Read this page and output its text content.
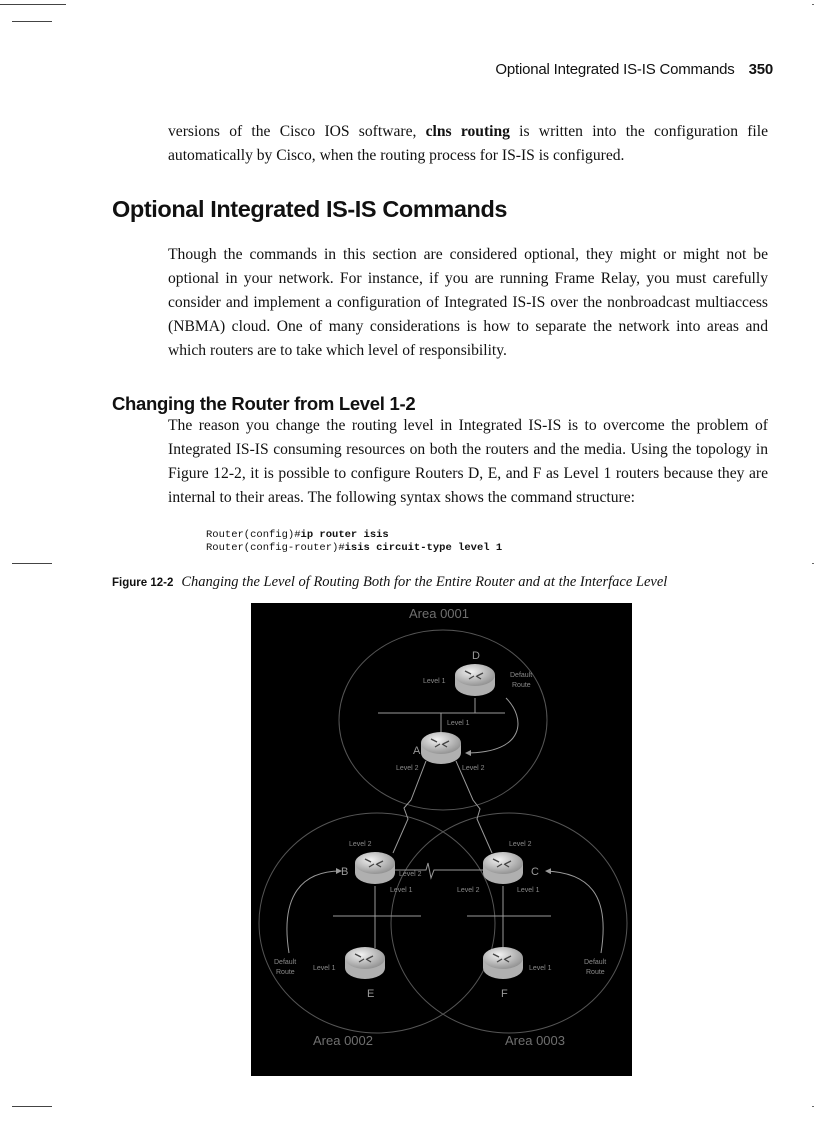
Optional Integrated IS-IS Commands 350

versions of the Cisco IOS software, clns routing is written into the configuration file automatically by Cisco, when the routing process for IS-IS is configured.

Optional Integrated IS-IS Commands

Though the commands in this section are considered optional, they might or might not be optional in your network. For instance, if you are running Frame Relay, you must carefully consider and implement a configuration of Integrated IS-IS over the nonbroadcast multiaccess (NBMA) cloud. One of many considerations is how to separate the network into areas and which routers are to take which level of responsibility.

Changing the Router from Level 1-2

The reason you change the routing level in Integrated IS-IS is to overcome the problem of Integrated IS-IS consuming resources on both the routers and the media. Using the topology in Figure 12-2, it is possible to configure Routers D, E, and F as Level 1 routers because they are internal to their areas. The following syntax shows the command structure:

Router(config)#ip router isis
Router(config-router)#isis circuit-type level 1
Figure 12-2 Changing the Level of Routing Both for the Entire Router and at the Interface Level
Area 0001
Area 0002	Area 0003
D
A
B	C
E	F
Level 1
Level 1
Level 2	Level 2
Level 2	Level 2
Level 2
Level 1	Level 2	Level 1
Level 1	Level 1
Default
Route
Default
Route
Default
Route
